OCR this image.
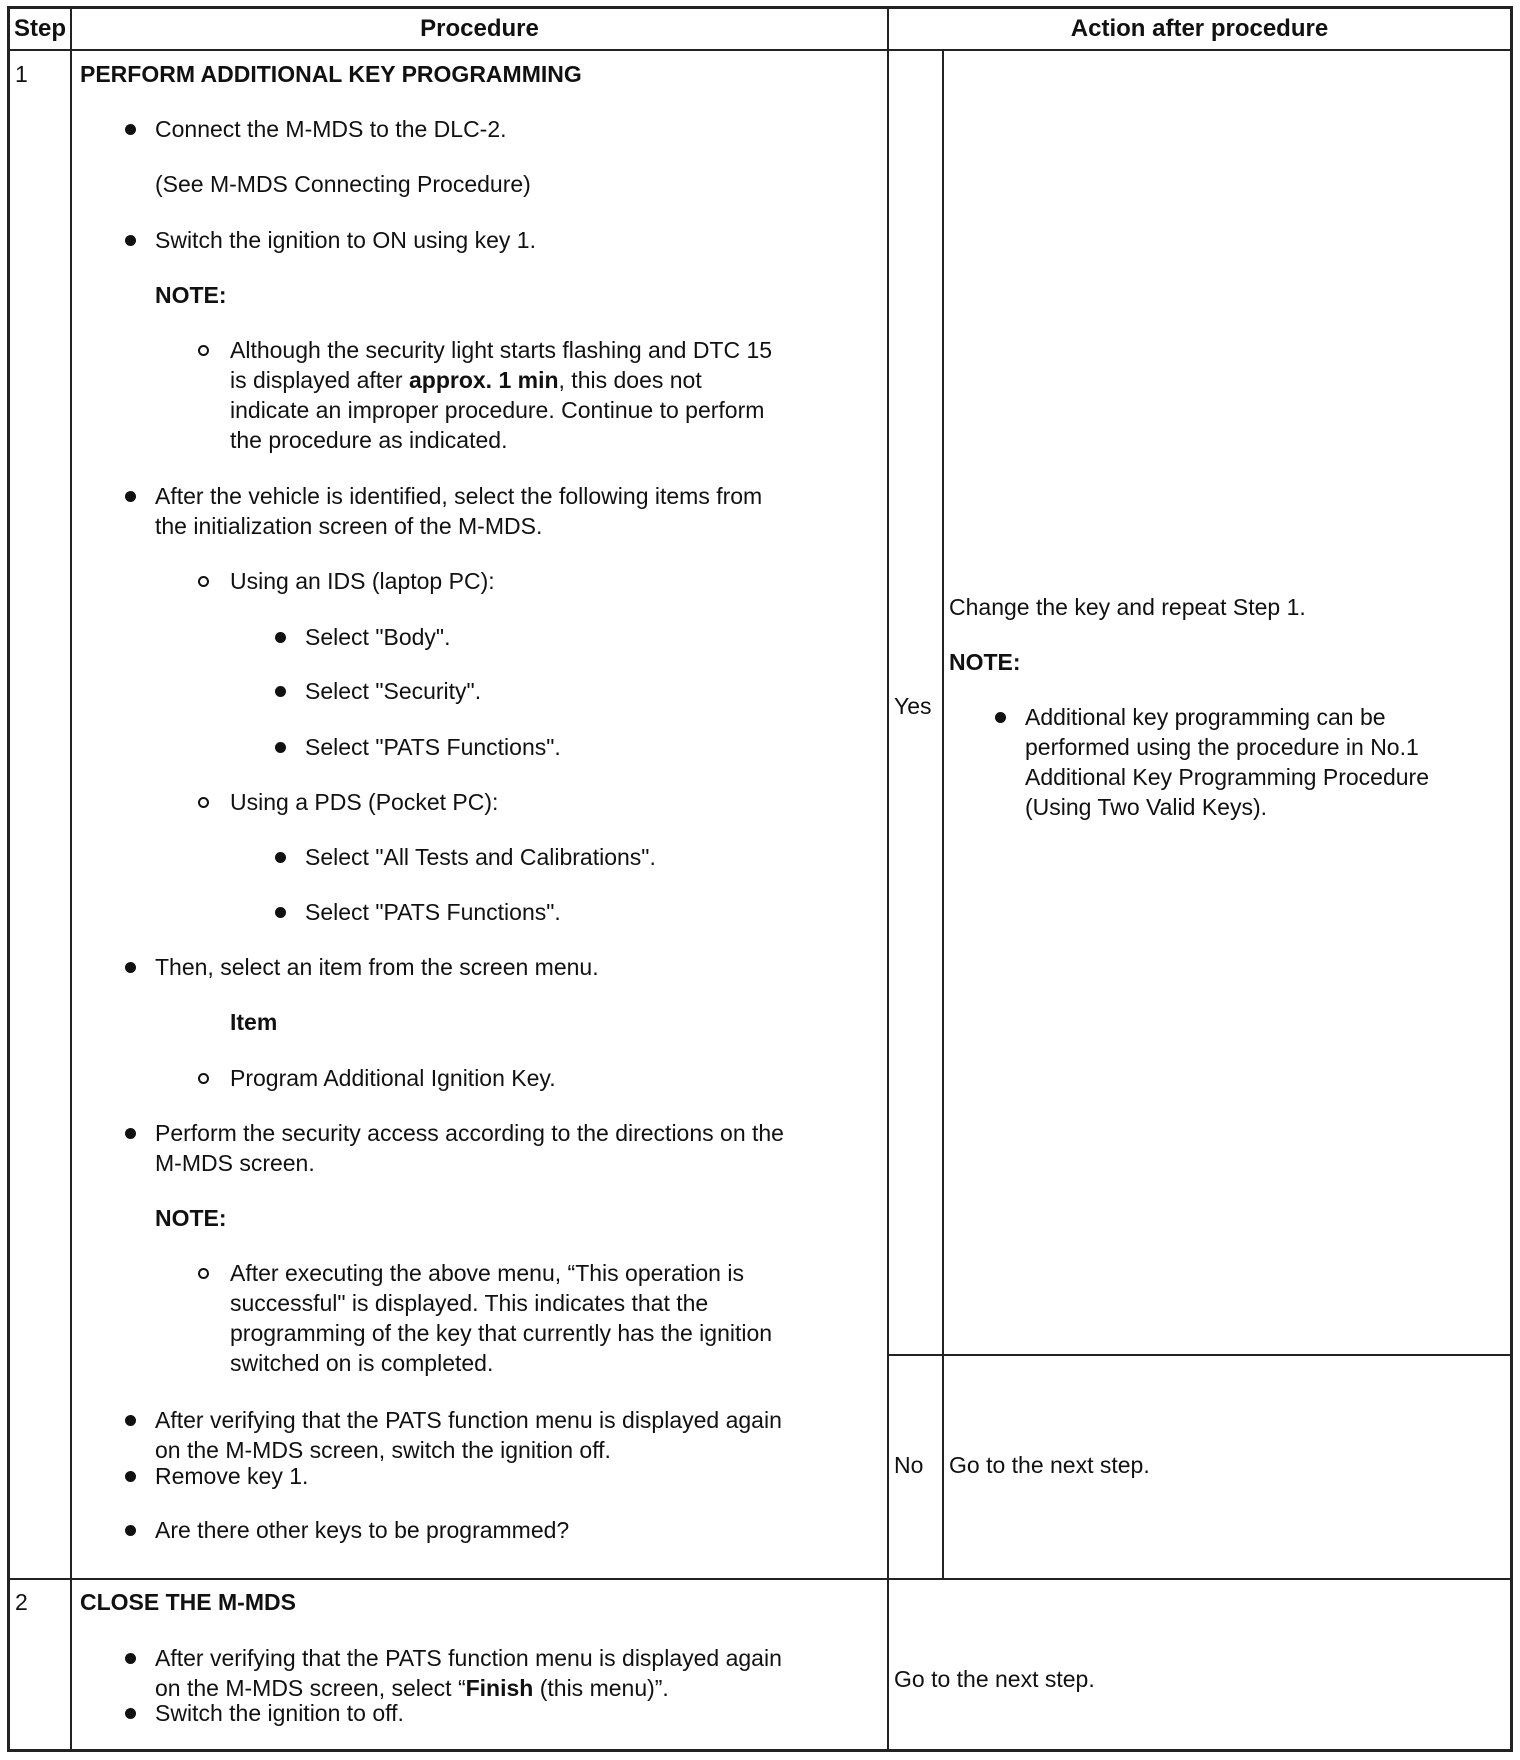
Step	Procedure	Action after procedure
1 PERFORM ADDITIONAL KEY PROGRAMMING
Connect the M-MDS to the DLC-2.
(See M-MDS Connecting Procedure)
Switch the ignition to ON using key 1.
NOTE:
Although the security light starts flashing and DTC 15
is displayed after approx. 1 min, this does not
indicate an improper procedure. Continue to perform
the procedure as indicated.
After the vehicle is identified, select the following items from
the initialization screen of the M-MDS.
Using an IDS (laptop PC):
Select "Body".
Select "Security".
Select "PATS Functions".
Using a PDS (Pocket PC):
Select "All Tests and Calibrations".
Select "PATS Functions".
Then, select an item from the screen menu.
Item
Program Additional Ignition Key.
Perform the security access according to the directions on the
M-MDS screen.
NOTE:
After executing the above menu, “This operation is
successful" is displayed. This indicates that the
programming of the key that currently has the ignition
switched on is completed.
After verifying that the PATS function menu is displayed again
on the M-MDS screen, switch the ignition off.
Remove key 1.
Are there other keys to be programmed?
Yes
Change the key and repeat Step 1.
NOTE:
Additional key programming can be
performed using the procedure in No.1
Additional Key Programming Procedure
(Using Two Valid Keys).
No Go to the next step.
2 CLOSE THE M-MDS
After verifying that the PATS function menu is displayed again
on the M-MDS screen, select “Finish (this menu)”.
Switch the ignition to off.
Go to the next step.
